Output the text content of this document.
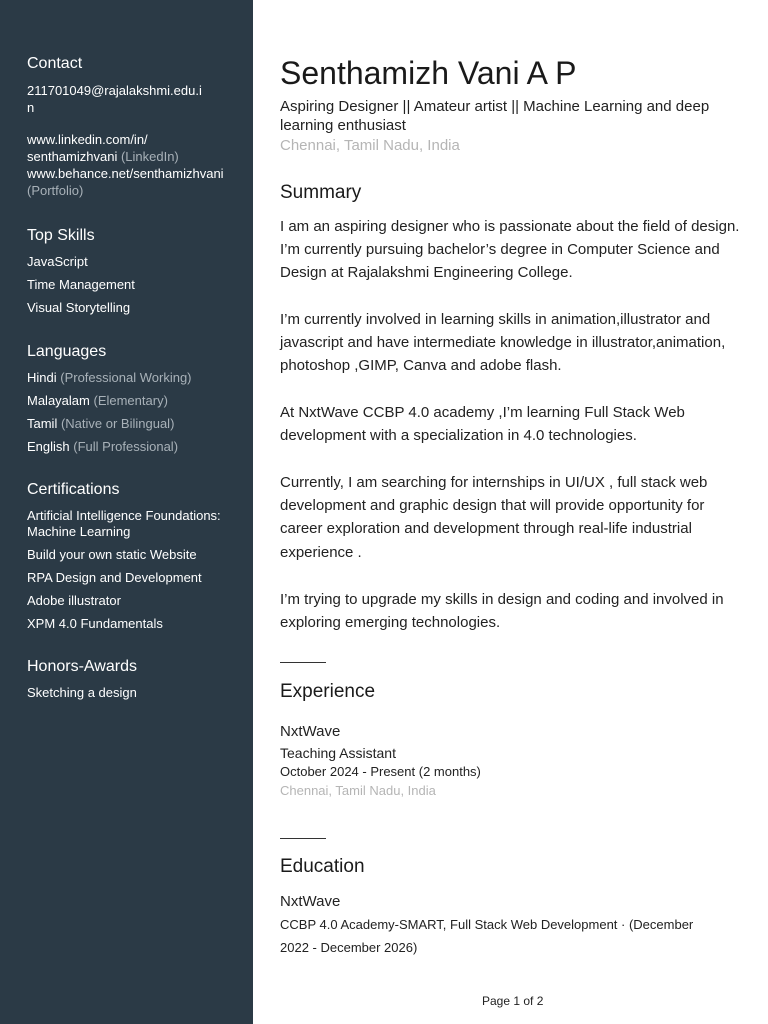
Contact
211701049@rajalakshmi.edu.in
www.linkedin.com/in/
senthamizhvani (LinkedIn)
www.behance.net/senthamizhvani
(Portfolio)
Top Skills
JavaScript
Time Management
Visual Storytelling
Languages
Hindi (Professional Working)
Malayalam (Elementary)
Tamil (Native or Bilingual)
English (Full Professional)
Certifications
Artificial Intelligence Foundations: Machine Learning
Build your own static Website
RPA Design and Development
Adobe illustrator
XPM 4.0 Fundamentals
Honors-Awards
Sketching a design
Senthamizh Vani A P
Aspiring Designer || Amateur artist || Machine Learning and deep learning enthusiast
Chennai, Tamil Nadu, India
Summary
I am an aspiring designer who is passionate about the field of design. I’m currently pursuing bachelor’s degree in Computer Science and Design at Rajalakshmi Engineering College.
I’m currently involved in learning skills in animation,illustrator and javascript and have intermediate knowledge in illustrator,animation, photoshop ,GIMP, Canva and adobe flash.
At NxtWave CCBP 4.0 academy ,I’m learning Full Stack Web development with a specialization in 4.0 technologies.
Currently, I am searching for internships in UI/UX , full stack web development and graphic design that will provide opportunity for career exploration and development through real-life industrial experience .
I’m trying to upgrade my skills in design and coding and involved in exploring emerging technologies.
Experience
NxtWave
Teaching Assistant
October 2024 - Present (2 months)
Chennai, Tamil Nadu, India
Education
NxtWave
CCBP 4.0 Academy-SMART, Full Stack Web Development · (December 2022 - December 2026)
Page 1 of 2
